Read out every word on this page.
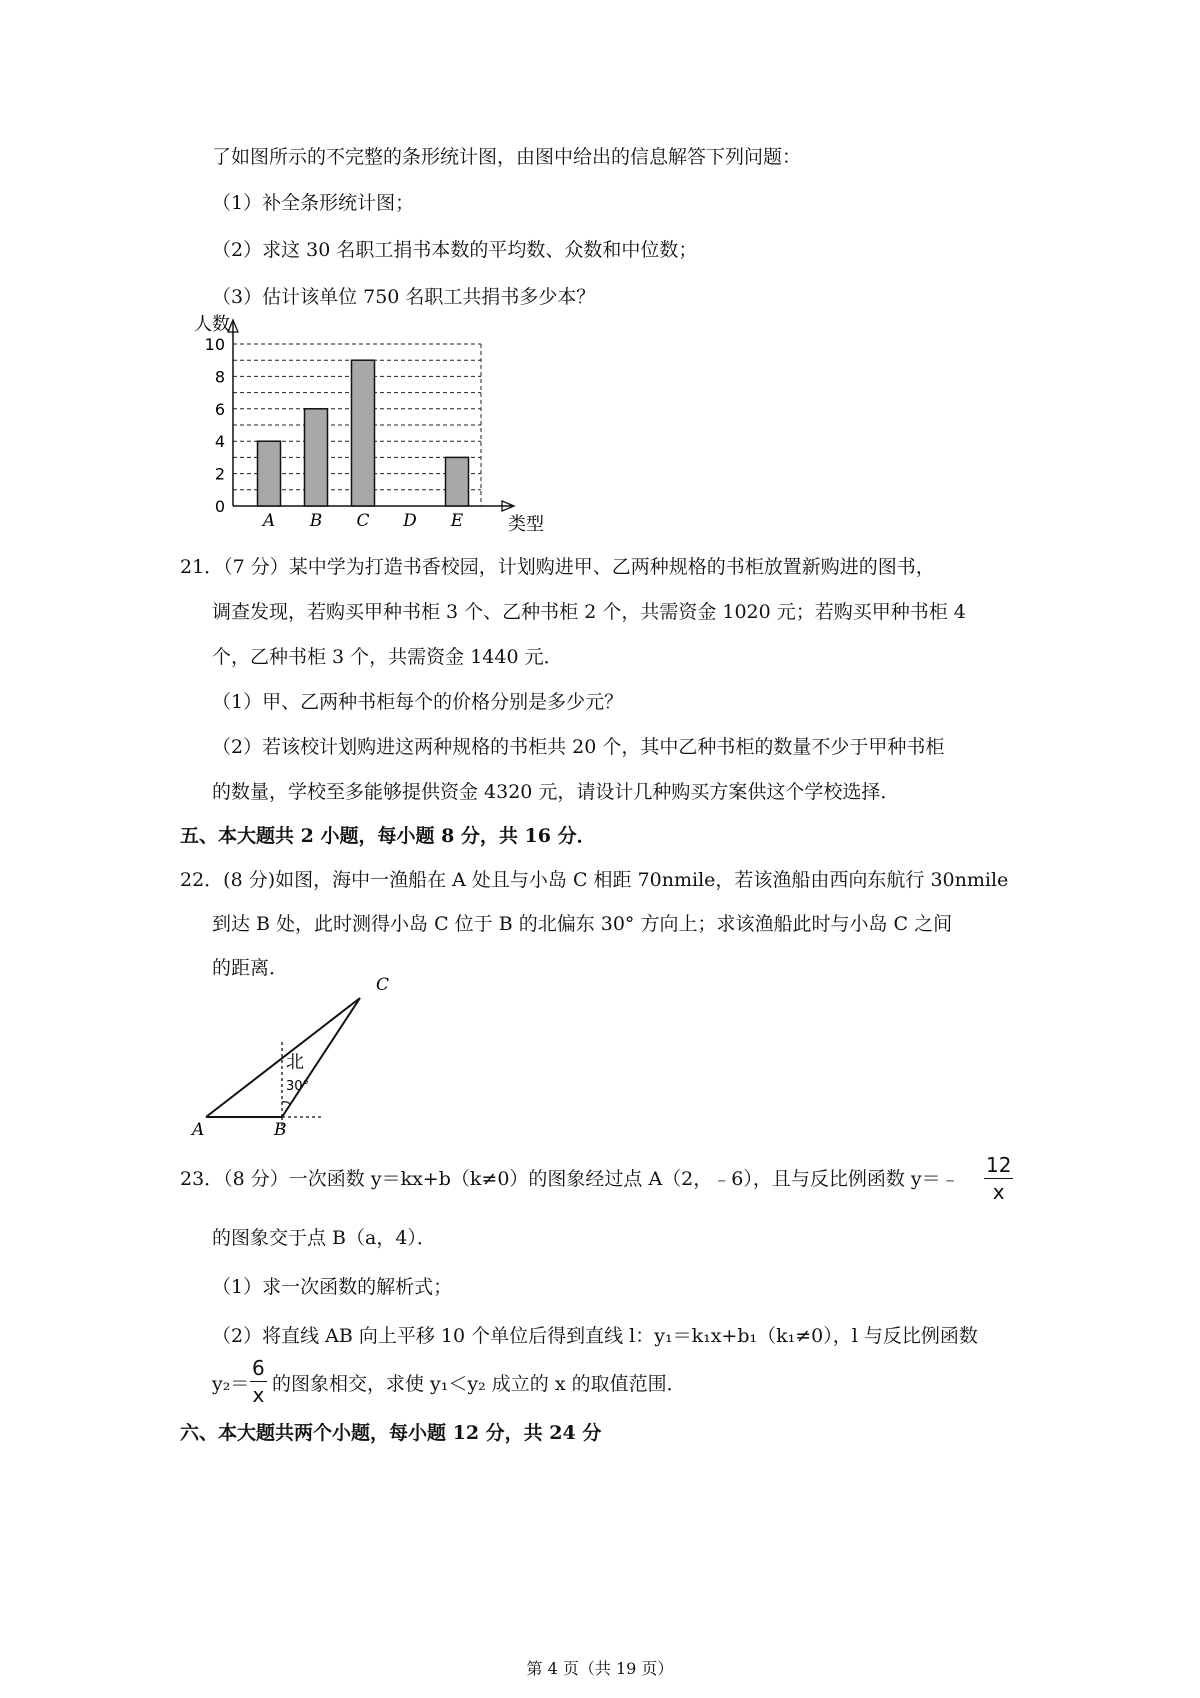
了如图所示的不完整的条形统计图，由图中给出的信息解答下列问题：
（1）补全条形统计图；
（2）求这 30 名职工捐书本数的平均数、众数和中位数；
（3）估计该单位 750 名职工共捐书多少本？
0
2
4
6
8
10
A B C D E
人数
类型
21．（7 分）某中学为打造书香校园，计划购进甲、乙两种规格的书柜放置新购进的图书，
调查发现，若购买甲种书柜 3 个、乙种书柜 2 个，共需资金 1020 元；若购买甲种书柜 4
个，乙种书柜 3 个，共需资金 1440 元．
（1）甲、乙两种书柜每个的价格分别是多少元？
（2）若该校计划购进这两种规格的书柜共 20 个，其中乙种书柜的数量不少于甲种书柜
的数量，学校至多能够提供资金 4320 元，请设计几种购买方案供这个学校选择．
五、本大题共 2 小题，每小题 8 分，共 16 分．
22．(8 分)如图，海中一渔船在 A 处且与小岛 C 相距 70nmile，若该渔船由西向东航行 30nmile
到达 B 处，此时测得小岛 C 位于 B 的北偏东 30° 方向上；求该渔船此时与小岛 C 之间
的距离．
C
A	B
北
30°
23．（8 分）一次函数 y＝kx+b（k≠0）的图象经过点 A（2，﹣6），且与反比例函数 y＝﹣
12
x
的图象交于点 B（a，4）．
（1）求一次函数的解析式；
（2）将直线 AB 向上平移 10 个单位后得到直线 l：y₁＝k₁x+b₁（k₁≠0），l 与反比例函数
y₂＝
6
x 的图象相交，求使 y₁＜y₂ 成立的 x 的取值范围．
六、本大题共两个小题，每小题 12 分，共 24 分
第 4 页（共 19 页）
